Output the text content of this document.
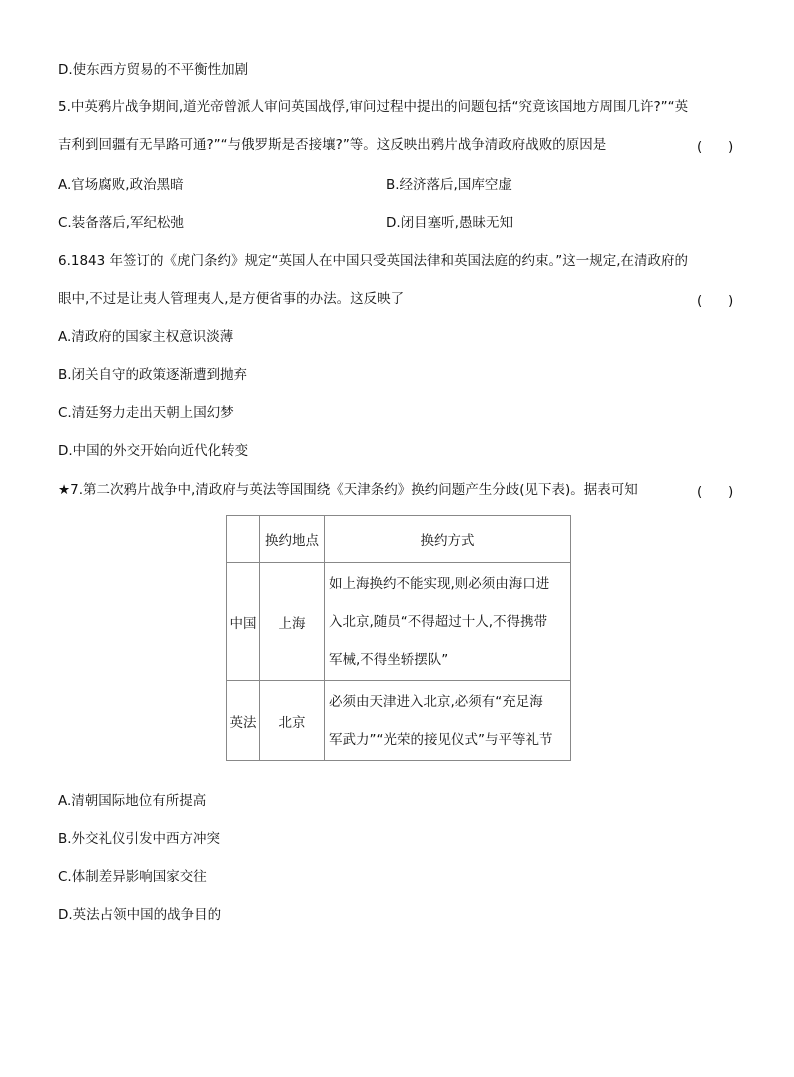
D.使东西方贸易的不平衡性加剧
5.中英鸦片战争期间,道光帝曾派人审问英国战俘,审问过程中提出的问题包括“究竟该国地方周围几许?”“英
吉利到回疆有无旱路可通?”“与俄罗斯是否接壤?”等。这反映出鸦片战争清政府战败的原因是	(      )
A.官场腐败,政治黑暗	B.经济落后,国库空虚
C.装备落后,军纪松弛	D.闭目塞听,愚昧无知
6.1843 年签订的《虎门条约》规定“英国人在中国只受英国法律和英国法庭的约束。”这一规定,在清政府的
眼中,不过是让夷人管理夷人,是方便省事的办法。这反映了	(      )
A.清政府的国家主权意识淡薄
B.闭关自守的政策逐渐遭到抛弃
C.清廷努力走出天朝上国幻梦
D.中国的外交开始向近代化转变
★7.第二次鸦片战争中,清政府与英法等国围绕《天津条约》换约问题产生分歧(见下表)。据表可知	(      )
	换约地点	换约方式
中国	上海	如上海换约不能实现,则必须由海口进
入北京,随员“不得超过十人,不得携带
军械,不得坐轿摆队”

英法	北京	必须由天津进入北京,必须有“充足海
军武力”“光荣的接见仪式”与平等礼节
A.清朝国际地位有所提高
B.外交礼仪引发中西方冲突
C.体制差异影响国家交往
D.英法占领中国的战争目的
